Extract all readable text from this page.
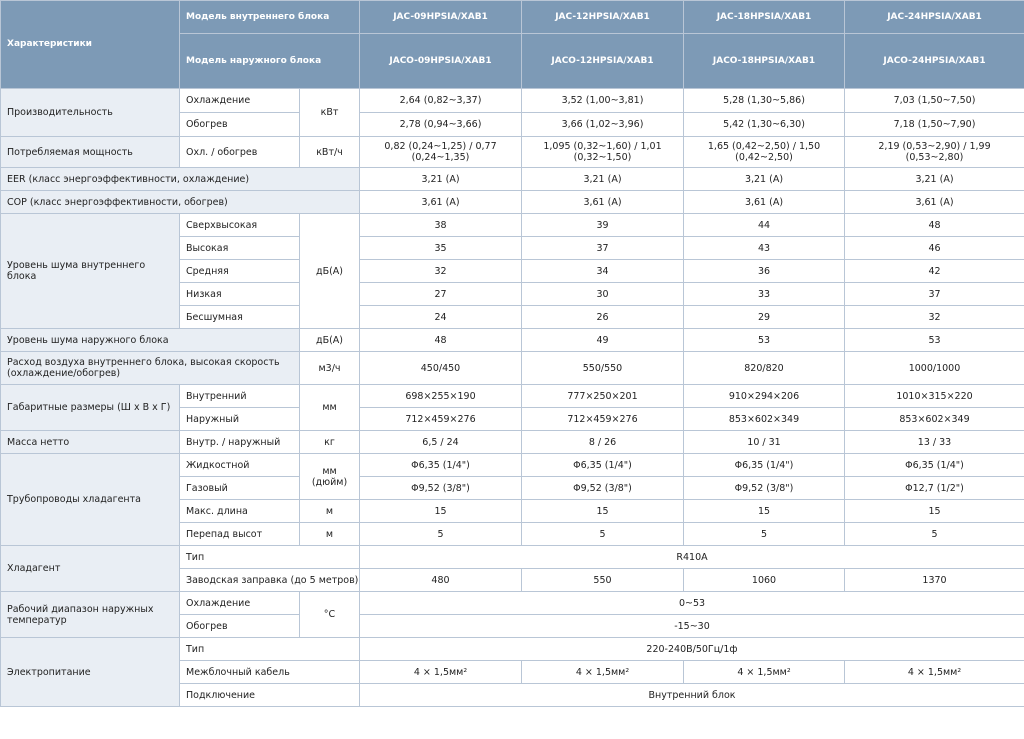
Характеристики	Модель внутреннего блока		JAC-09HPSIA/XAB1	JAC-12HPSIA/XAB1	JAC-18HPSIA/XAB1	JAC-24HPSIA/XAB1
	Модель наружного блока		JACO-09HPSIA/XAB1	JACO-12HPSIA/XAB1	JACO-18HPSIA/XAB1	JACO-24HPSIA/XAB1
Производительность	Охлаждение	кВт	2,64 (0,82~3,37)	3,52 (1,00~3,81)	5,28 (1,30~5,86)	7,03 (1,50~7,50)
	Обогрев		2,78 (0,94~3,66)	3,66 (1,02~3,96)	5,42 (1,30~6,30)	7,18 (1,50~7,90)
Потребляемая мощность	Охл. / обогрев	кВт/ч	0,82 (0,24~1,25) / 0,77 (0,24~1,35)	1,095 (0,32~1,60) / 1,01 (0,32~1,50)	1,65 (0,42~2,50) / 1,50 (0,42~2,50)	2,19 (0,53~2,90) / 1,99 (0,53~2,80)
EER (класс энергоэффективности, охлаждение)			3,21 (A)	3,21 (A)	3,21 (A)	3,21 (A)
COP (класс энергоэффективности, обогрев)			3,61 (A)	3,61 (A)	3,61 (A)	3,61 (A)
Уровень шума внутреннего блока	Сверхвысокая	дБ(А)	38	39	44	48
	Высокая		35	37	43	46
	Средняя		32	34	36	42
	Низкая		27	30	33	37
	Бесшумная		24	26	29	32
Уровень шума наружного блока		дБ(А)	48	49	53	53
Расход воздуха внутреннего блока, высокая скорость (охлаждение/обогрев)		м3/ч	450/450	550/550	820/820	1000/1000
Габаритные размеры (Ш х В х Г)	Внутренний	мм	698×255×190	777×250×201	910×294×206	1010×315×220
	Наружный		712×459×276	712×459×276	853×602×349	853×602×349
Масса нетто	Внутр. / наружный	кг	6,5 / 24	8 / 26	10 / 31	13 / 33
Трубопроводы хладагента	Жидкостной	мм (дюйм)	Φ6,35 (1/4")	Φ6,35 (1/4")	Φ6,35 (1/4")	Φ6,35 (1/4")
	Газовый		Φ9,52 (3/8")	Φ9,52 (3/8")	Φ9,52 (3/8")	Φ12,7 (1/2")
	Макс. длина	м	15	15	15	15
	Перепад высот	м	5	5	5	5
Хладагент	Тип		R410A			
	Заводская заправка (до 5 метров)		480	550	1060	1370
Рабочий диапазон наружных температур	Охлаждение	°C	0~53			
	Обогрев		-15~30			
Электропитание	Тип		220-240В/50Гц/1ф			
	Межблочный кабель		4 × 1,5мм²	4 × 1,5мм²	4 × 1,5мм²	4 × 1,5мм²
	Подключение		Внутренний блок			
